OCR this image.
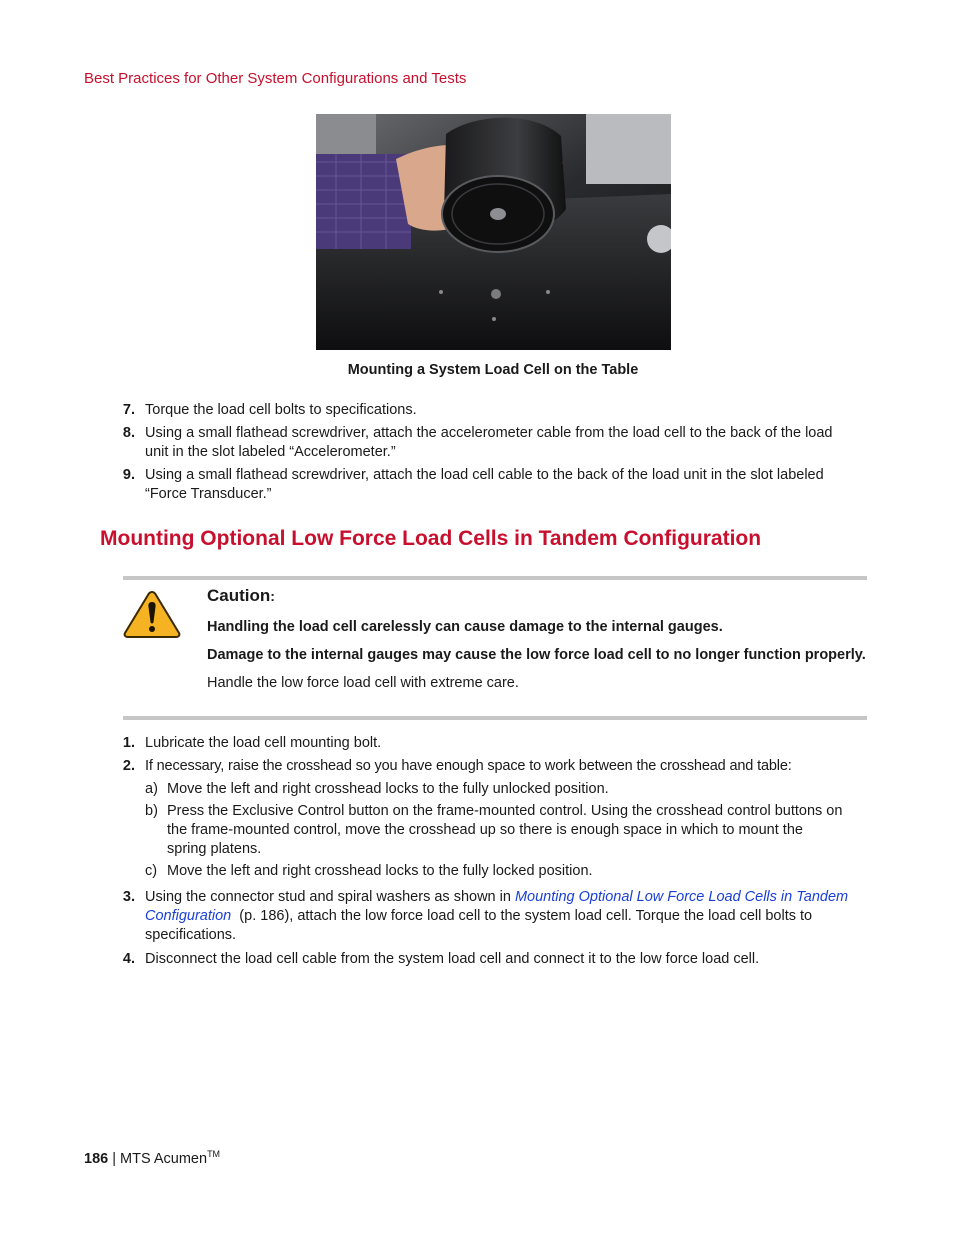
Best Practices for Other System Configurations and Tests
Mounting a System Load Cell on the Table
7. Torque the load cell bolts to specifications.
8. Using a small flathead screwdriver, attach the accelerometer cable from the load cell to the back of the load unit in the slot labeled “Accelerometer.”
9. Using a small flathead screwdriver, attach the load cell cable to the back of the load unit in the slot labeled “Force Transducer.”
Mounting Optional Low Force Load Cells in Tandem Configuration
Caution:
Handling the load cell carelessly can cause damage to the internal gauges.
Damage to the internal gauges may cause the low force load cell to no longer function properly.
Handle the low force load cell with extreme care.
1. Lubricate the load cell mounting bolt.
2. If necessary, raise the crosshead so you have enough space to work between the crosshead and table:
a) Move the left and right crosshead locks to the fully unlocked position.
b) Press the Exclusive Control button on the frame-mounted control. Using the crosshead control buttons on the frame-mounted control, move the crosshead up so there is enough space in which to mount the spring platens.
c) Move the left and right crosshead locks to the fully locked position.
3. Using the connector stud and spiral washers as shown in Mounting Optional Low Force Load Cells in Tandem Configuration  (p. 186), attach the low force load cell to the system load cell. Torque the load cell bolts to specifications.
4. Disconnect the load cell cable from the system load cell and connect it to the low force load cell.
186 | MTS Acumen™
